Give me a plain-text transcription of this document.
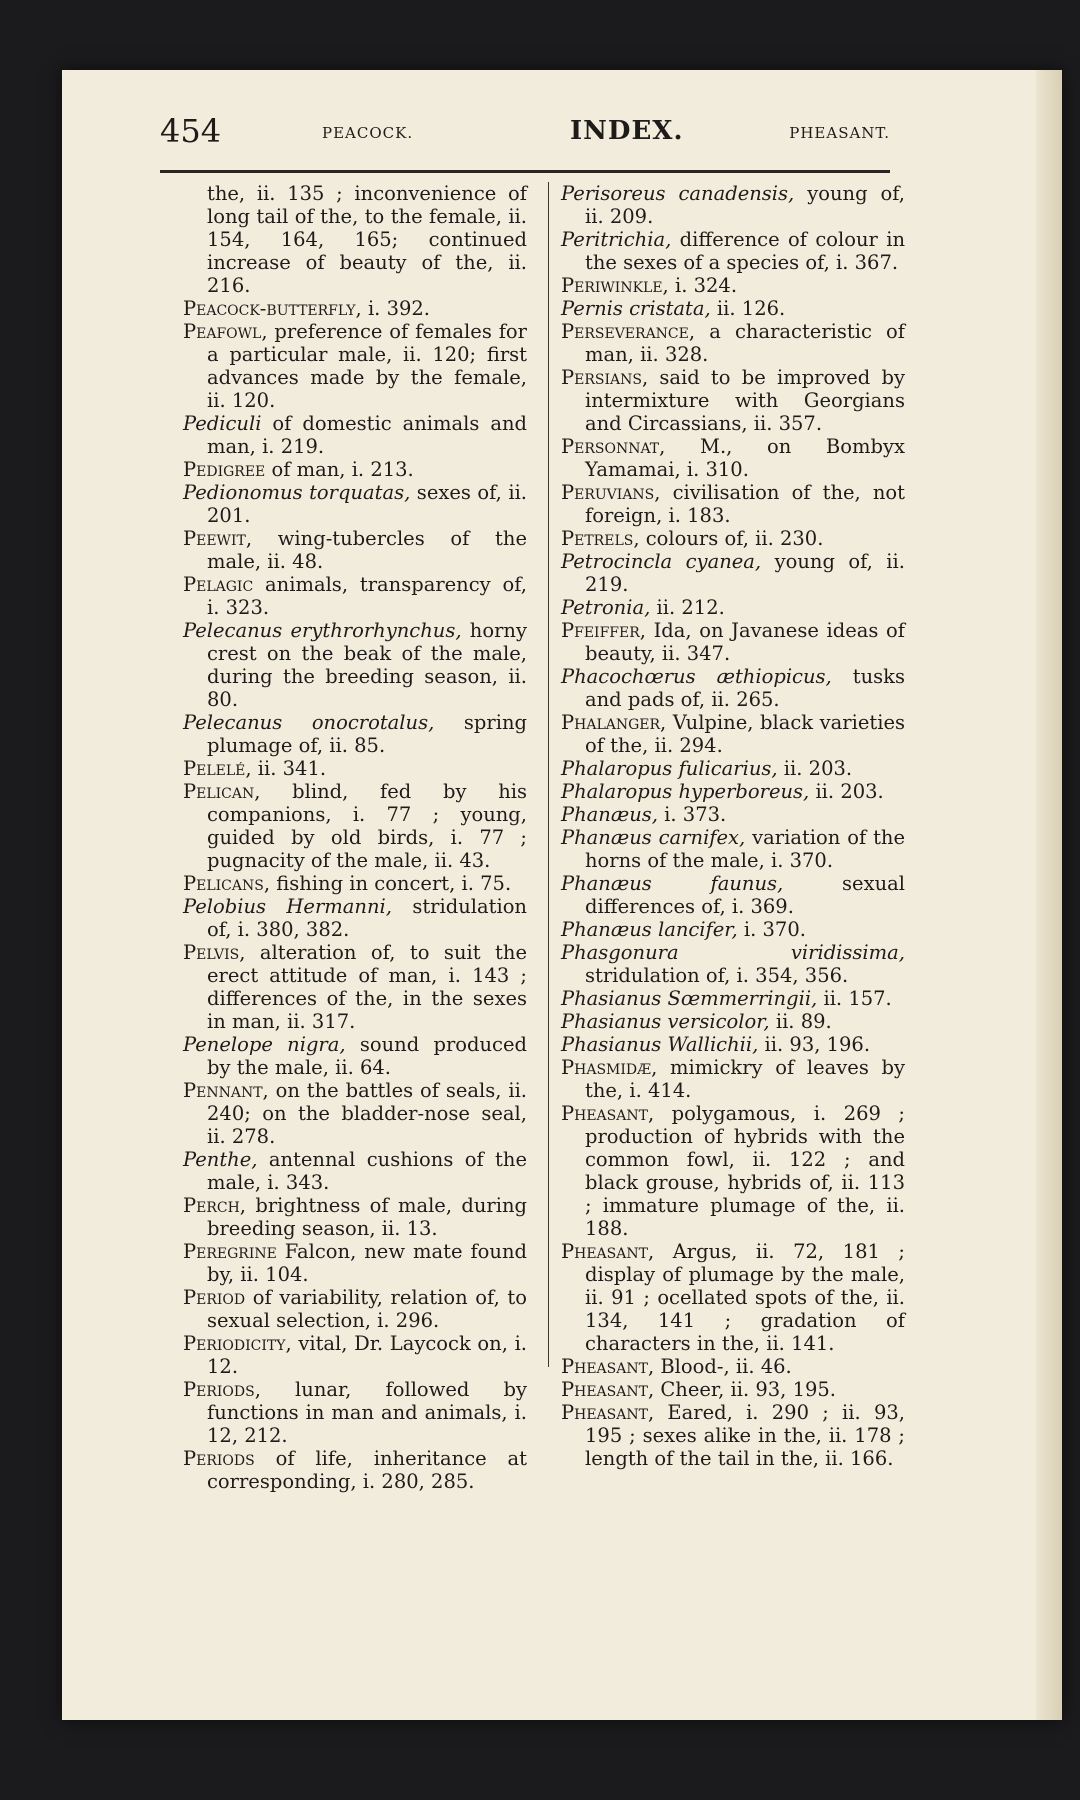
454	PEACOCK.	INDEX.	PHEASANT.

the, ii. 135 ; inconvenience of long tail of the, to the female, ii. 154, 164, 165; continued increase of beauty of the, ii. 216.

Peacock-butterfly, i. 392.

Peafowl, preference of females for a particular male, ii. 120; first advances made by the female, ii. 120.

Pediculi of domestic animals and man, i. 219.

Pedigree of man, i. 213.

Pedionomus torquatas, sexes of, ii. 201.

Peewit, wing-tubercles of the male, ii. 48.

Pelagic animals, transparency of, i. 323.

Pelecanus erythrorhynchus, horny crest on the beak of the male, during the breeding season, ii. 80.

Pelecanus onocrotalus, spring plumage of, ii. 85.

Pelelé, ii. 341.

Pelican, blind, fed by his companions, i. 77 ; young, guided by old birds, i. 77 ; pugnacity of the male, ii. 43.

Pelicans, fishing in concert, i. 75.

Pelobius Hermanni, stridulation of, i. 380, 382.

Pelvis, alteration of, to suit the erect attitude of man, i. 143 ; differences of the, in the sexes in man, ii. 317.

Penelope nigra, sound produced by the male, ii. 64.

Pennant, on the battles of seals, ii. 240; on the bladder-nose seal, ii. 278.

Penthe, antennal cushions of the male, i. 343.

Perch, brightness of male, during breeding season, ii. 13.

Peregrine Falcon, new mate found by, ii. 104.

Period of variability, relation of, to sexual selection, i. 296.

Periodicity, vital, Dr. Laycock on, i. 12.

Periods, lunar, followed by functions in man and animals, i. 12, 212.

Periods of life, inheritance at corresponding, i. 280, 285.

Perisoreus canadensis, young of, ii. 209.

Peritrichia, difference of colour in the sexes of a species of, i. 367.

Periwinkle, i. 324.

Pernis cristata, ii. 126.

Perseverance, a characteristic of man, ii. 328.

Persians, said to be improved by intermixture with Georgians and Circassians, ii. 357.

Personnat, M., on Bombyx Yamamai, i. 310.

Peruvians, civilisation of the, not foreign, i. 183.

Petrels, colours of, ii. 230.

Petrocincla cyanea, young of, ii. 219.

Petronia, ii. 212.

Pfeiffer, Ida, on Javanese ideas of beauty, ii. 347.

Phacochœrus æthiopicus, tusks and pads of, ii. 265.

Phalanger, Vulpine, black varieties of the, ii. 294.

Phalaropus fulicarius, ii. 203.

Phalaropus hyperboreus, ii. 203.

Phanæus, i. 373.

Phanæus carnifex, variation of the horns of the male, i. 370.

Phanæus faunus, sexual differences of, i. 369.

Phanæus lancifer, i. 370.

Phasgonura viridissima, stridulation of, i. 354, 356.

Phasianus Sœmmerringii, ii. 157.

Phasianus versicolor, ii. 89.

Phasianus Wallichii, ii. 93, 196.

Phasmidæ, mimickry of leaves by the, i. 414.

Pheasant, polygamous, i. 269 ; production of hybrids with the common fowl, ii. 122 ; and black grouse, hybrids of, ii. 113 ; immature plumage of the, ii. 188.

Pheasant, Argus, ii. 72, 181 ; display of plumage by the male, ii. 91 ; ocellated spots of the, ii. 134, 141 ; gradation of characters in the, ii. 141.

Pheasant, Blood-, ii. 46.

Pheasant, Cheer, ii. 93, 195.

Pheasant, Eared, i. 290 ; ii. 93, 195 ; sexes alike in the, ii. 178 ; length of the tail in the, ii. 166.
